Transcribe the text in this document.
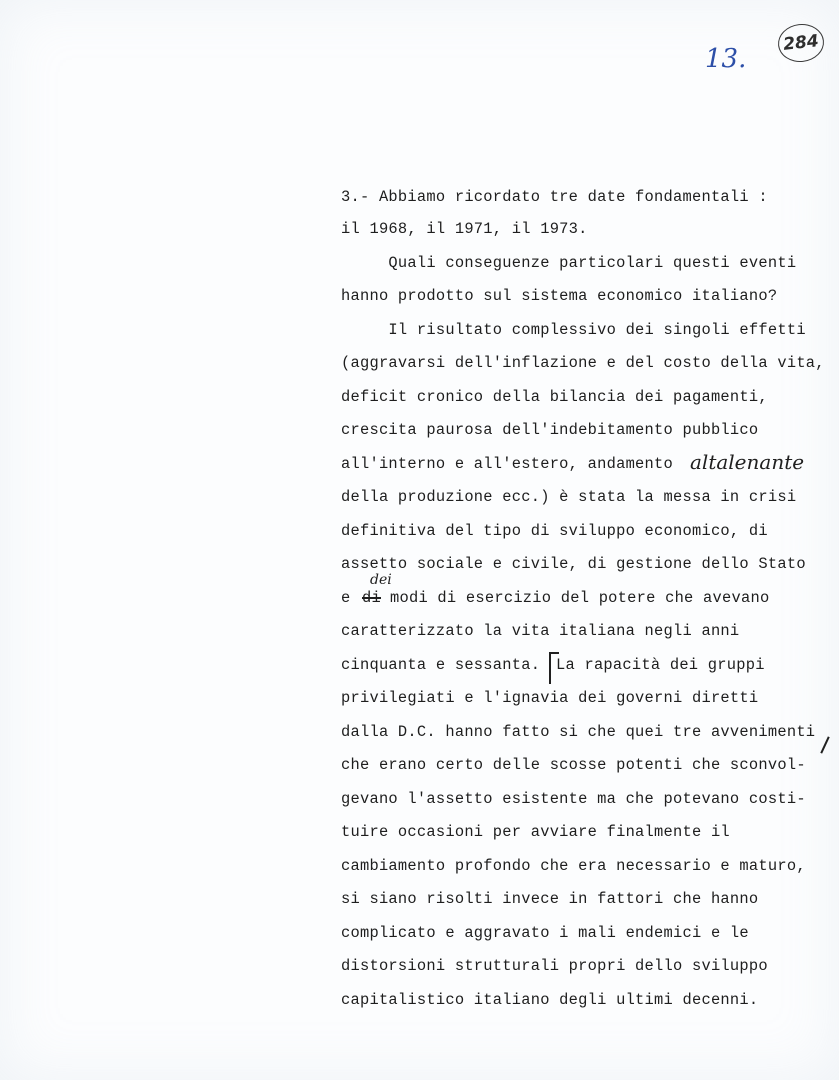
284
13.
3.- Abbiamo ricordato tre date fondamentali :
il 1968, il 1971, il 1973.
Quali conseguenze particolari questi eventi
hanno prodotto sul sistema economico italiano?
Il risultato complessivo dei singoli effetti
(aggravarsi dell'inflazione e del costo della vita,
deficit cronico della bilancia dei pagamenti,
crescita paurosa dell'indebitamento pubblico
all'interno e all'estero, andamento altalenante
della produzione ecc.) è stata la messa in crisi
definitiva del tipo di sviluppo economico, di
assetto sociale e civile, di gestione dello Stato
e di
dei
modi di esercizio del potere che avevano
caratterizzato la vita italiana negli anni
cinquanta e sessanta. La rapacità dei gruppi
privilegiati e l'ignavia dei governi diretti
dalla D.C. hanno fatto si che quei tre avvenimenti
che erano certo delle scosse potenti che sconvol-
gevano l'assetto esistente ma che potevano costi-
tuire occasioni per avviare finalmente il
cambiamento profondo che era necessario e maturo,
si siano risolti invece in fattori che hanno
complicato e aggravato i mali endemici e le
distorsioni strutturali propri dello sviluppo
capitalistico italiano degli ultimi decenni.
